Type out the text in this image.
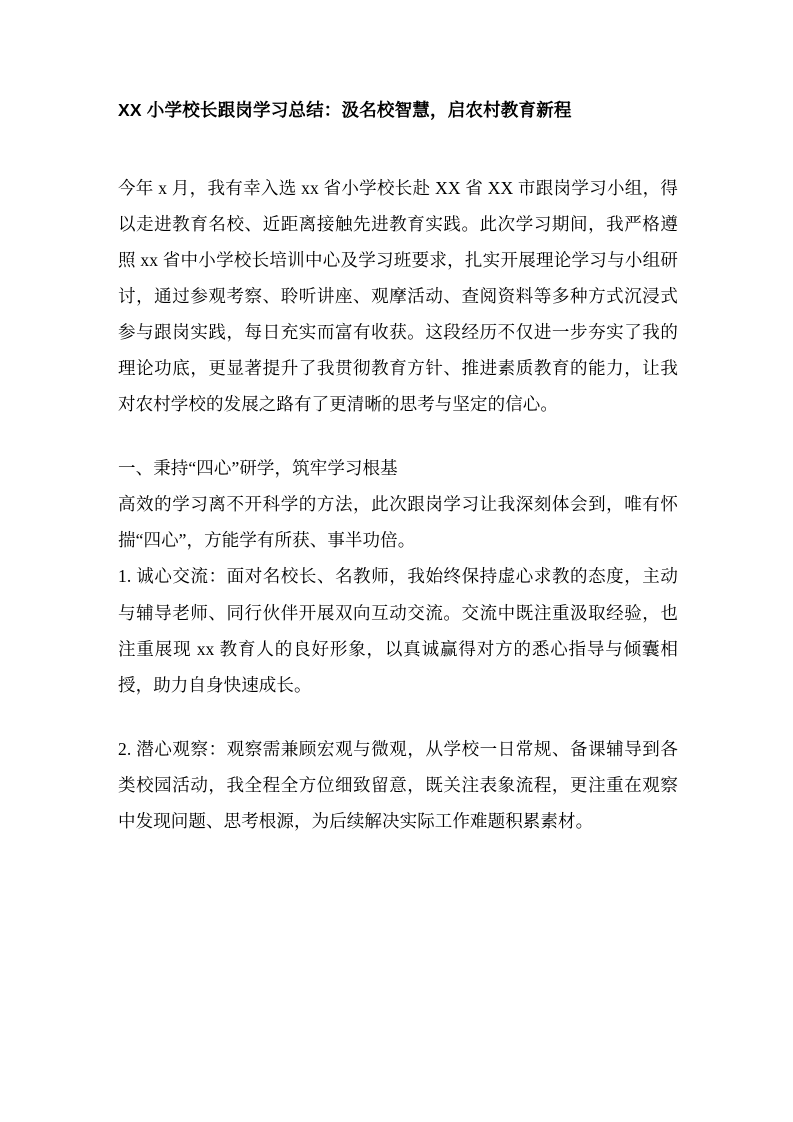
XX 小学校长跟岗学习总结：汲名校智慧，启农村教育新程

今年 x 月，我有幸入选 xx 省小学校长赴 XX 省 XX 市跟岗学习小组，得以走进教育名校、近距离接触先进教育实践。此次学习期间，我严格遵照 xx 省中小学校长培训中心及学习班要求，扎实开展理论学习与小组研讨，通过参观考察、聆听讲座、观摩活动、查阅资料等多种方式沉浸式参与跟岗实践，每日充实而富有收获。这段经历不仅进一步夯实了我的理论功底，更显著提升了我贯彻教育方针、推进素质教育的能力，让我对农村学校的发展之路有了更清晰的思考与坚定的信心。

一、秉持“四心”研学，筑牢学习根基

高效的学习离不开科学的方法，此次跟岗学习让我深刻体会到，唯有怀揣“四心”，方能学有所获、事半功倍。

1. 诚心交流：面对名校长、名教师，我始终保持虚心求教的态度，主动与辅导老师、同行伙伴开展双向互动交流。交流中既注重汲取经验，也注重展现 xx 教育人的良好形象，以真诚赢得对方的悉心指导与倾囊相授，助力自身快速成长。

2. 潜心观察：观察需兼顾宏观与微观，从学校一日常规、备课辅导到各类校园活动，我全程全方位细致留意，既关注表象流程，更注重在观察中发现问题、思考根源，为后续解决实际工作难题积累素材。
